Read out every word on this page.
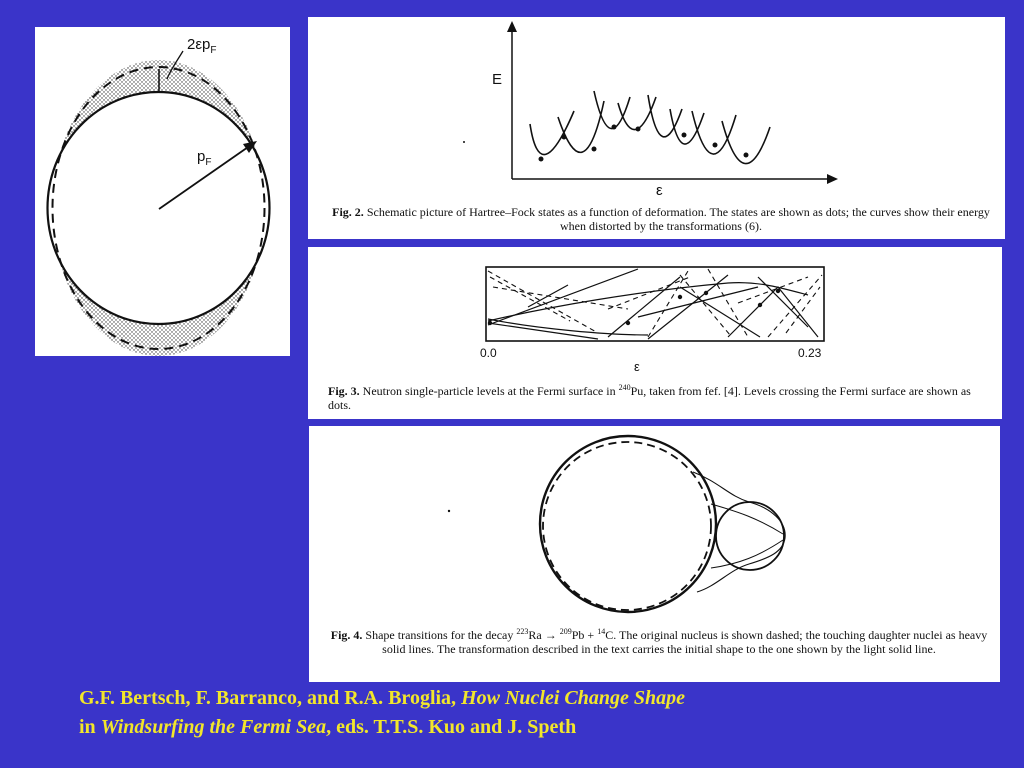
$2\varepsilon p_F$
$p_F$
E
ε
Fig. 2. Schematic picture of Hartree–Fock states as a function of deformation. The states are shown as dots; the curves show their energy when distorted by the transformations (6).
0.0	0.23
ε
Fig. 3. Neutron single-particle levels at the Fermi surface in $^{240}$Pu, taken from fef. [4]. Levels crossing the Fermi surface are shown as dots.
Fig. 4. Shape transitions for the decay $^{223}$Ra → $^{209}$Pb + $^{14}$C. The original nucleus is shown dashed; the touching daughter nuclei as heavy solid lines. The transformation described in the text carries the initial shape to the one shown by the light solid line.
G.F. Bertsch, F. Barranco, and R.A. Broglia, How Nuclei Change Shape
in Windsurfing the Fermi Sea, eds. T.T.S. Kuo and J. Speth
